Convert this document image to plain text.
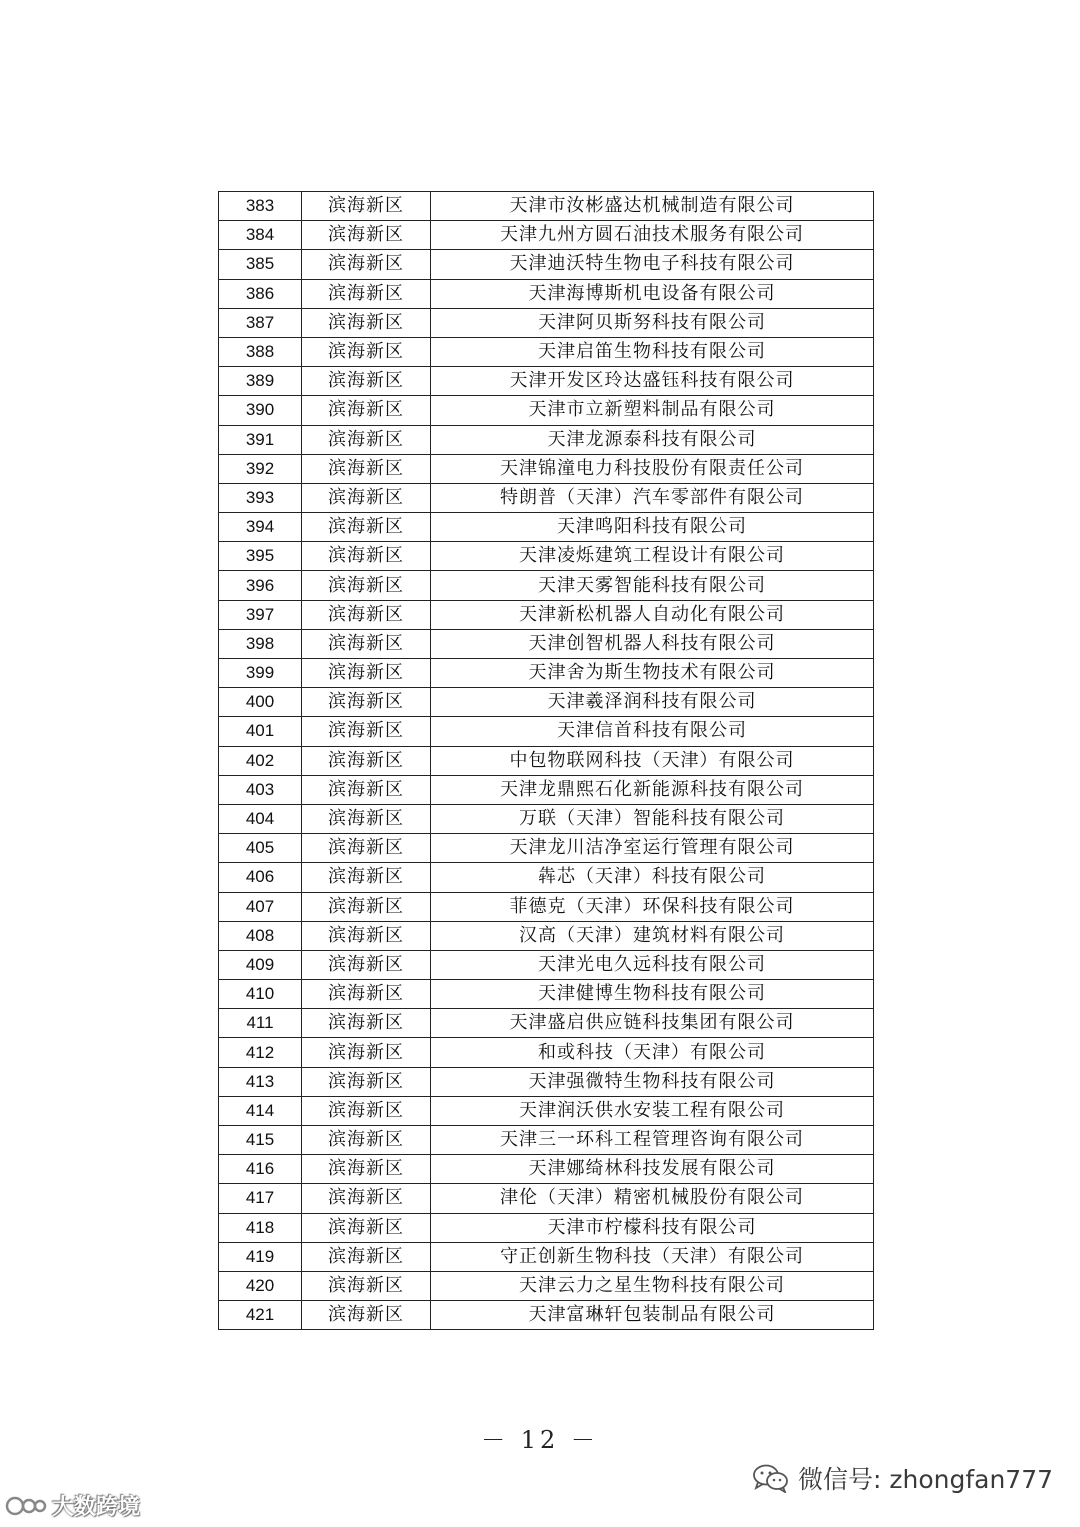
383	滨海新区	天津市汝彬盛达机械制造有限公司
384	滨海新区	天津九州方圆石油技术服务有限公司
385	滨海新区	天津迪沃特生物电子科技有限公司
386	滨海新区	天津海博斯机电设备有限公司
387	滨海新区	天津阿贝斯努科技有限公司
388	滨海新区	天津启笛生物科技有限公司
389	滨海新区	天津开发区玲达盛钰科技有限公司
390	滨海新区	天津市立新塑料制品有限公司
391	滨海新区	天津龙源泰科技有限公司
392	滨海新区	天津锦潼电力科技股份有限责任公司
393	滨海新区	特朗普（天津）汽车零部件有限公司
394	滨海新区	天津鸣阳科技有限公司
395	滨海新区	天津凌烁建筑工程设计有限公司
396	滨海新区	天津天雾智能科技有限公司
397	滨海新区	天津新松机器人自动化有限公司
398	滨海新区	天津创智机器人科技有限公司
399	滨海新区	天津舍为斯生物技术有限公司
400	滨海新区	天津羲泽润科技有限公司
401	滨海新区	天津信首科技有限公司
402	滨海新区	中包物联网科技（天津）有限公司
403	滨海新区	天津龙鼎熙石化新能源科技有限公司
404	滨海新区	万联（天津）智能科技有限公司
405	滨海新区	天津龙川洁净室运行管理有限公司
406	滨海新区	犇芯（天津）科技有限公司
407	滨海新区	菲德克（天津）环保科技有限公司
408	滨海新区	汉高（天津）建筑材料有限公司
409	滨海新区	天津光电久远科技有限公司
410	滨海新区	天津健博生物科技有限公司
411	滨海新区	天津盛启供应链科技集团有限公司
412	滨海新区	和或科技（天津）有限公司
413	滨海新区	天津强微特生物科技有限公司
414	滨海新区	天津润沃供水安装工程有限公司
415	滨海新区	天津三一环科工程管理咨询有限公司
416	滨海新区	天津娜绮林科技发展有限公司
417	滨海新区	津伦（天津）精密机械股份有限公司
418	滨海新区	天津市柠檬科技有限公司
419	滨海新区	守正创新生物科技（天津）有限公司
420	滨海新区	天津云力之星生物科技有限公司
421	滨海新区	天津富琳轩包装制品有限公司
－ 12 －
微信号: zhongfan777
大数跨境
